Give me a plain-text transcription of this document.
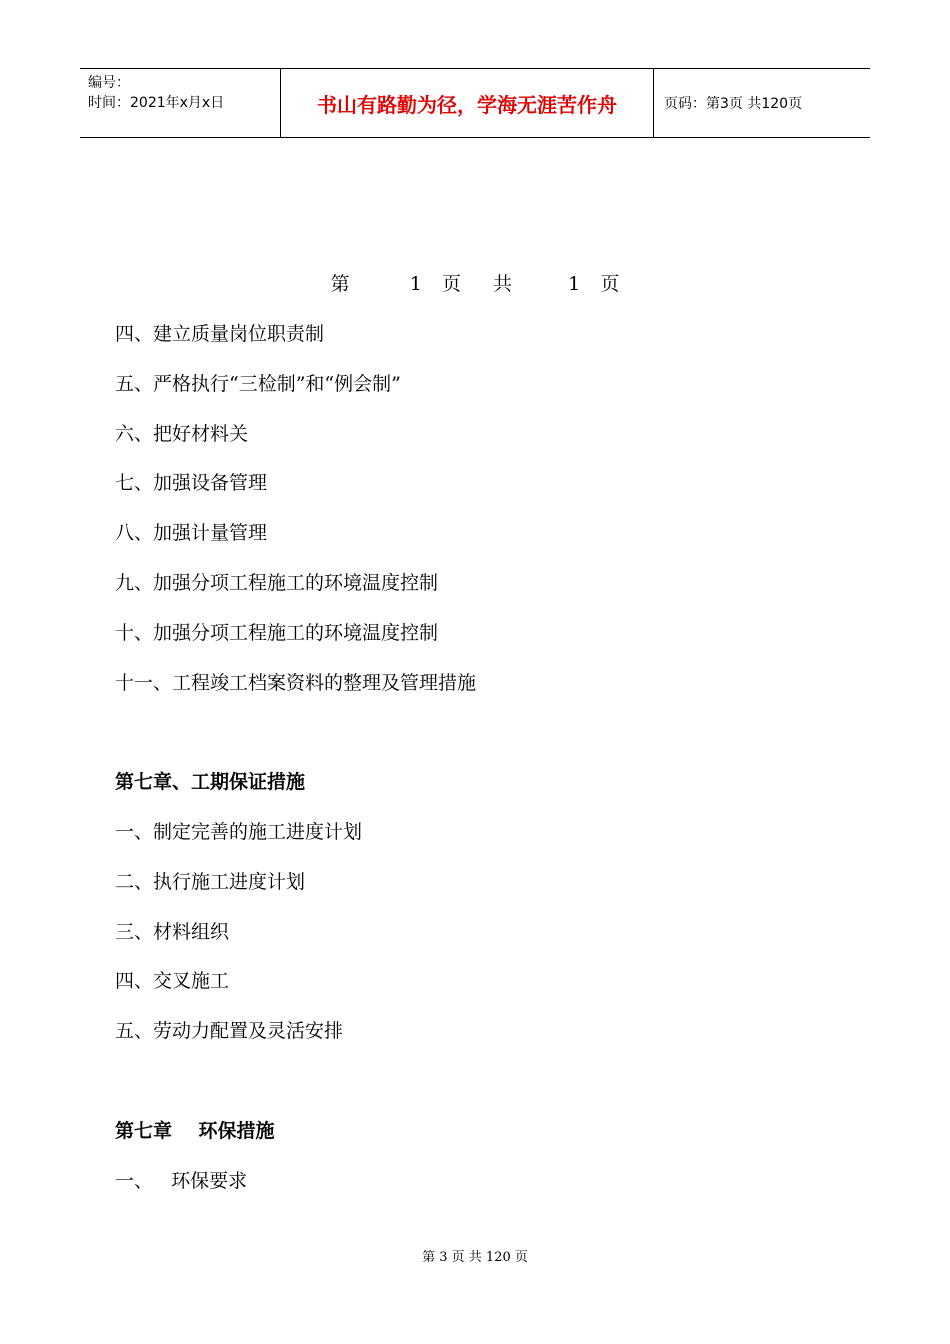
编号：
时间：2021年x月x日	书山有路勤为径，学海无涯苦作舟	页码：第3页 共120页
第	1 页 共	1 页
四、建立质量岗位职责制
五、严格执行“三检制”和“例会制”
六、把好材料关
七、加强设备管理
八、加强计量管理
九、加强分项工程施工的环境温度控制
十、加强分项工程施工的环境温度控制
十一、工程竣工档案资料的整理及管理措施
第七章、工期保证措施
一、制定完善的施工进度计划
二、执行施工进度计划
三、材料组织
四、交叉施工
五、劳动力配置及灵活安排
第七章    环保措施
一、   环保要求
第 3 页 共 120 页
